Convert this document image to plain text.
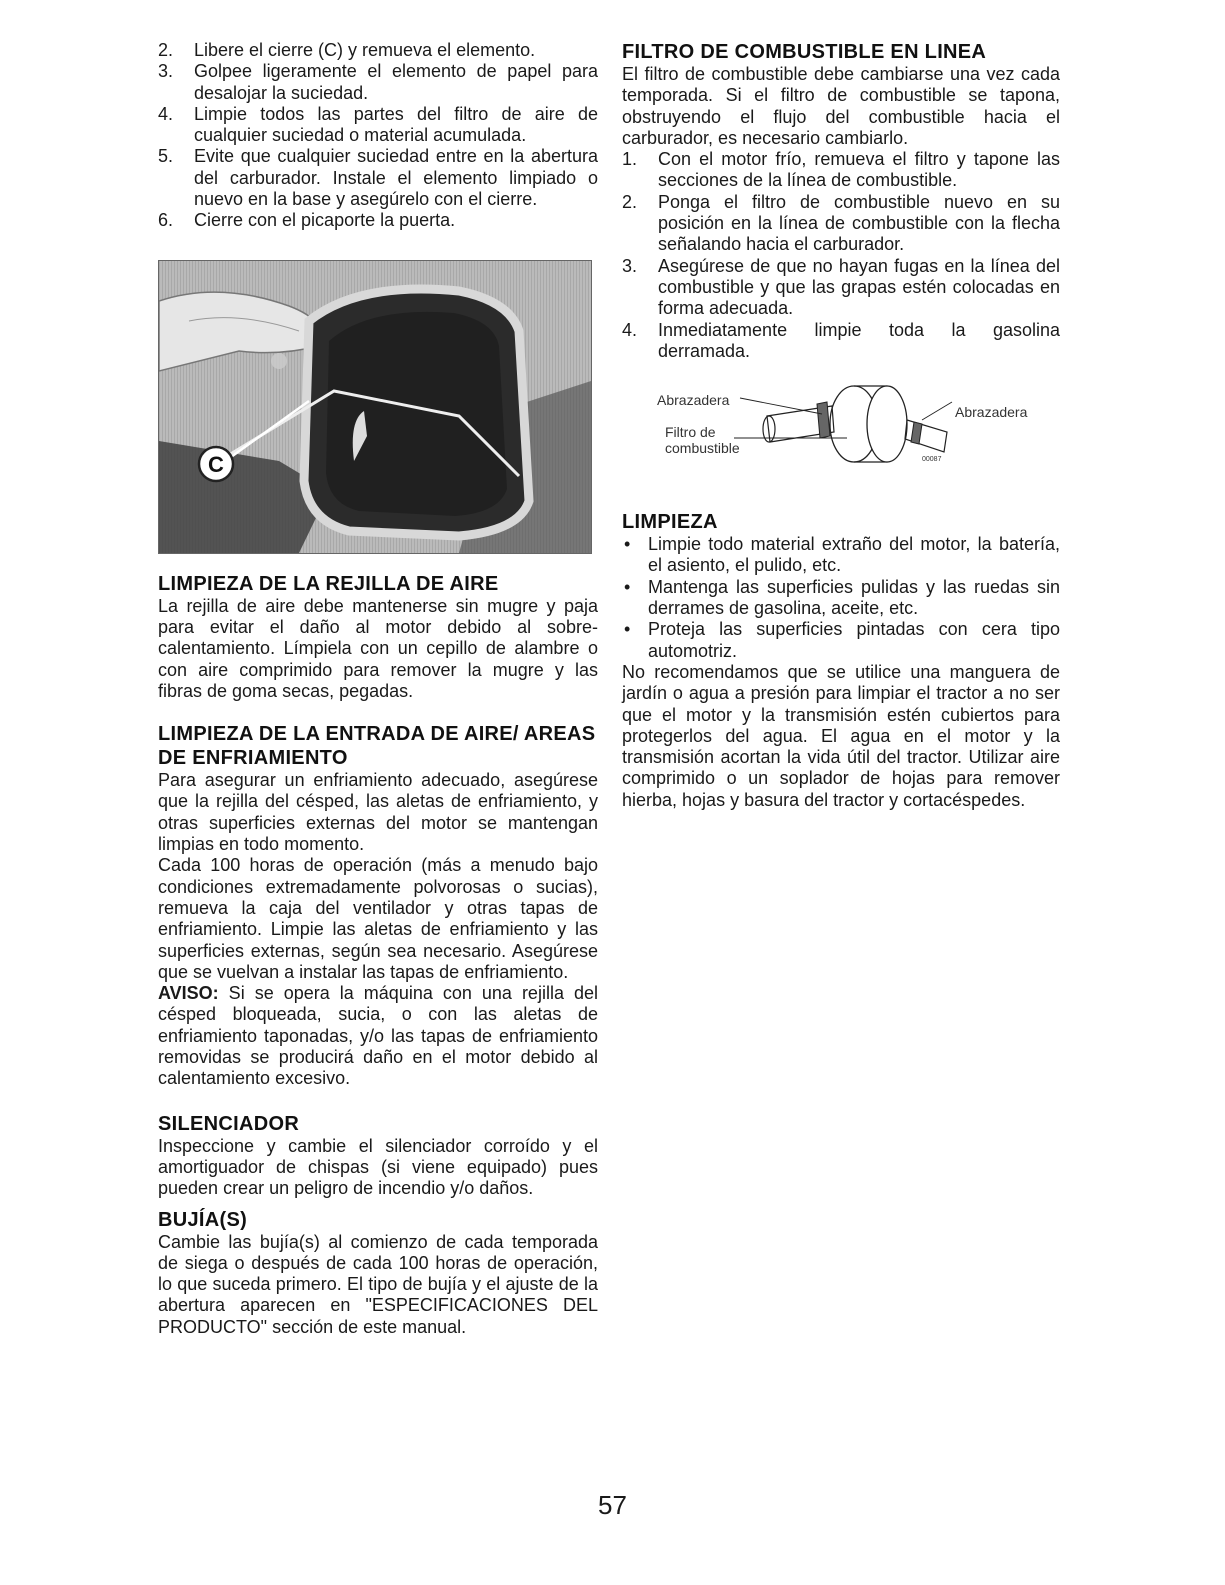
2.	Libere el cierre (C) y remueva el elemento.
3.	Golpee ligeramente el elemento de papel para desalojar la suciedad.
4.	Limpie todos las partes del filtro de aire de cualquier suciedad o material acumulada.
5.	Evite que cualquier suciedad entre en la abertura del carburador. Instale el elemento limpiado o nuevo en la base y asegúrelo con el cierre.
6.	Cierre con el picaporte la puerta.
C
LIMPIEZA DE LA REJILLA DE AIRE

La rejilla de aire debe mantenerse sin mugre y paja para evitar el daño al motor debido al sobre-calentamiento. Límpiela con un cepillo de alambre o con aire comprimido para remover la mugre y las fibras de goma secas, pegadas.

LIMPIEZA DE LA ENTRADA DE AIRE/ AREAS DE ENFRIAMIENTO

Para asegurar un enfriamiento adecuado, asegúrese que la rejilla del césped, las aletas de enfriamiento, y otras superficies externas del motor se mantengan limpias en todo momento.

Cada 100 horas de operación (más a menudo bajo condiciones extremadamente polvorosas o sucias), remueva la caja del ventilador y otras tapas de enfriamiento. Limpie las aletas de enfriamiento y las superficies externas, según sea necesario. Asegúrese que se vuelvan a instalar las tapas de enfriamiento.

AVISO: Si se opera la máquina con una rejilla del césped bloqueada, sucia, o con las aletas de enfriamiento taponadas, y/o las tapas de enfriamiento removidas se producirá daño en el motor debido al calentamiento excesivo.

SILENCIADOR

Inspeccione y cambie el silenciador corroído y el amortiguador de chispas (si viene equipado) pues pueden crear un peligro de incendio y/o daños.

BUJÍA(S)

Cambie las bujía(s) al comienzo de cada temporada de siega o después de cada 100 horas de operación, lo que suceda primero. El tipo de bujía y el ajuste de la abertura aparecen en "ESPECIFICACIONES DEL PRODUCTO" sección de este manual.

FILTRO DE COMBUSTIBLE EN LINEA

El filtro de combustible debe cambiarse una vez cada temporada. Si el filtro de combustible se tapona, obstruyendo el flujo del combustible hacia el carburador, es necesario cambiarlo.

1.	Con el motor frío, remueva el filtro y tapone las secciones de la línea de combustible.
2.	Ponga el filtro de combustible nuevo en su posición en la línea de combustible con la flecha señalando hacia el carburador.
3.	Asegúrese de que no hayan fugas en la línea del combustible y que las grapas estén colocadas en forma adecuada.
4.	Inmediatamente limpie toda la gasolina derramada.
Abrazadera
Abrazadera
Filtro de
combustible
00087
LIMPIEZA
• Limpie todo material extraño del motor, la batería, el asiento, el pulido, etc.
• Mantenga las superficies pulidas y las ruedas sin derrames de gasolina, aceite, etc.
• Proteja las superficies pintadas con cera tipo automotriz.

No recomendamos que se utilice una manguera de jardín o agua a presión para limpiar el tractor a no ser que el motor y la transmisión estén cubiertos para protegerlos del agua. El agua en el motor y la transmisión acortan la vida útil del tractor. Utilizar aire comprimido o un soplador de hojas para remover hierba, hojas y basura del tractor y cortacéspedes.

57
